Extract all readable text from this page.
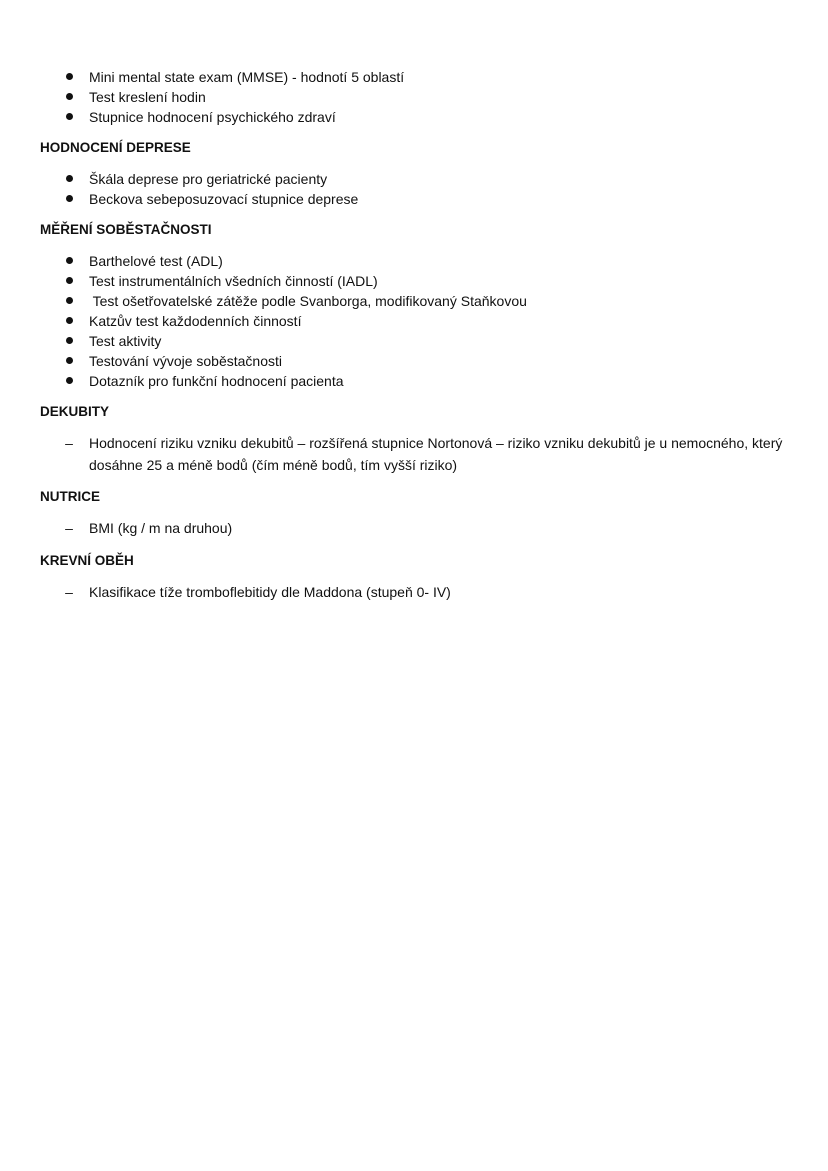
Mini mental state exam (MMSE) - hodnotí 5 oblastí
Test kreslení hodin
Stupnice hodnocení psychického zdraví
HODNOCENÍ DEPRESE
Škála deprese pro geriatrické pacienty
Beckova sebeposuzovací stupnice deprese
MĚŘENÍ SOBĚSTAČNOSTI
Barthelové test (ADL)
Test instrumentálních všedních činností (IADL)
Test ošetřovatelské zátěže podle Svanborga, modifikovaný Staňkovou
Katzův test každodenních činností
Test aktivity
Testování vývoje soběstačnosti
Dotazník pro funkční hodnocení pacienta
DEKUBITY
– Hodnocení riziku vzniku dekubitů – rozšířená stupnice Nortonová – riziko vzniku dekubitů je u nemocného, který dosáhne 25 a méně bodů (čím méně bodů, tím vyšší riziko)
NUTRICE
– BMI (kg / m na druhou)
KREVNÍ OBĚH
– Klasifikace tíže tromboflebitidy dle Maddona (stupeň 0- IV)
